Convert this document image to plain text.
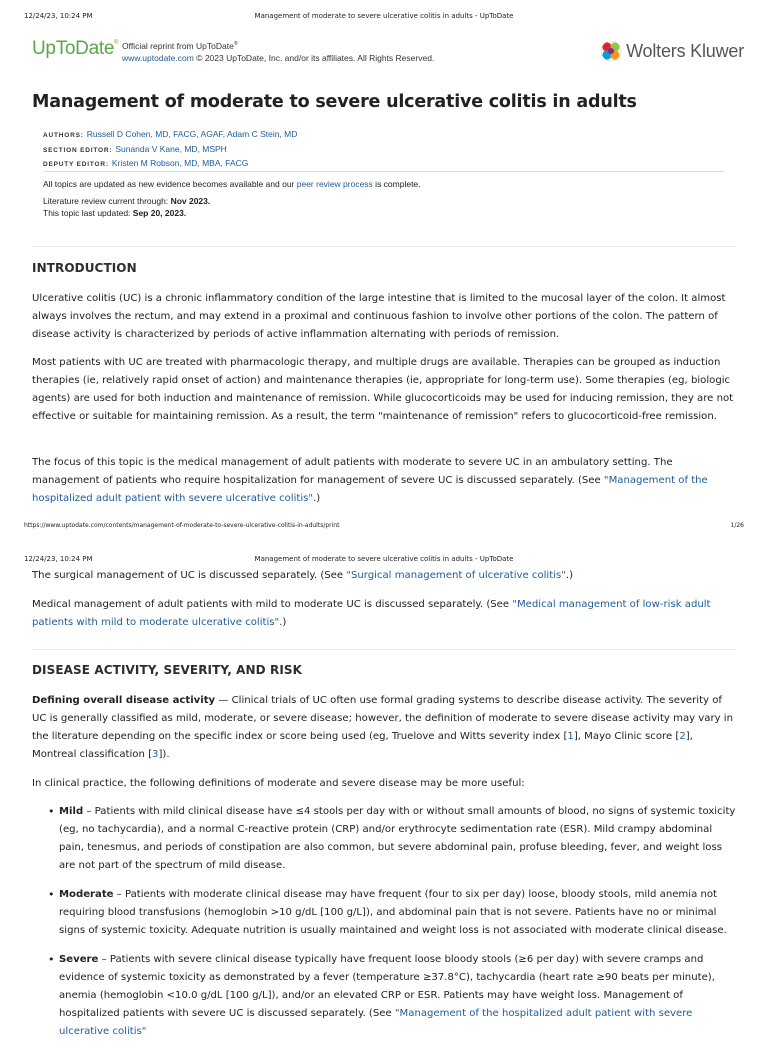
12/24/23, 10:24 PM	Management of moderate to severe ulcerative colitis in adults - UpToDate
UpToDate® Official reprint from UpToDate®
www.uptodate.com © 2023 UpToDate, Inc. and/or its affiliates. All Rights Reserved.	Wolters Kluwer
Management of moderate to severe ulcerative colitis in adults
AUTHORS: Russell D Cohen, MD, FACG, AGAF, Adam C Stein, MD
SECTION EDITOR: Sunanda V Kane, MD, MSPH
DEPUTY EDITOR: Kristen M Robson, MD, MBA, FACG
All topics are updated as new evidence becomes available and our peer review process is complete.
Literature review current through: Nov 2023.
This topic last updated: Sep 20, 2023.
INTRODUCTION

Ulcerative colitis (UC) is a chronic inflammatory condition of the large intestine that is limited to the mucosal layer of the colon. It almost always involves the rectum, and may extend in a proximal and continuous fashion to involve other portions of the colon. The pattern of disease activity is characterized by periods of active inflammation alternating with periods of remission.

Most patients with UC are treated with pharmacologic therapy, and multiple drugs are available. Therapies can be grouped as induction therapies (ie, relatively rapid onset of action) and maintenance therapies (ie, appropriate for long-term use). Some therapies (eg, biologic agents) are used for both induction and maintenance of remission. While glucocorticoids may be used for inducing remission, they are not effective or suitable for maintaining remission. As a result, the term "maintenance of remission" refers to glucocorticoid-free remission.

The focus of this topic is the medical management of adult patients with moderate to severe UC in an ambulatory setting. The management of patients who require hospitalization for management of severe UC is discussed separately. (See "Management of the hospitalized adult patient with severe ulcerative colitis".)

https://www.uptodate.com/contents/management-of-moderate-to-severe-ulcerative-colitis-in-adults/print	1/26
12/24/23, 10:24 PM	Management of moderate to severe ulcerative colitis in adults - UpToDate

The surgical management of UC is discussed separately. (See "Surgical management of ulcerative colitis".)

Medical management of adult patients with mild to moderate UC is discussed separately. (See "Medical management of low-risk adult patients with mild to moderate ulcerative colitis".)

DISEASE ACTIVITY, SEVERITY, AND RISK

Defining overall disease activity — Clinical trials of UC often use formal grading systems to describe disease activity. The severity of UC is generally classified as mild, moderate, or severe disease; however, the definition of moderate to severe disease activity may vary in the literature depending on the specific index or score being used (eg, Truelove and Witts severity index [1], Mayo Clinic score [2], Montreal classification [3]).

In clinical practice, the following definitions of moderate and severe disease may be more useful:

• Mild – Patients with mild clinical disease have ≤4 stools per day with or without small amounts of blood, no signs of systemic toxicity (eg, no tachycardia), and a normal C-reactive protein (CRP) and/or erythrocyte sedimentation rate (ESR). Mild crampy abdominal pain, tenesmus, and periods of constipation are also common, but severe abdominal pain, profuse bleeding, fever, and weight loss are not part of the spectrum of mild disease.
• Moderate – Patients with moderate clinical disease may have frequent (four to six per day) loose, bloody stools, mild anemia not requiring blood transfusions (hemoglobin >10 g/dL [100 g/L]), and abdominal pain that is not severe. Patients have no or minimal signs of systemic toxicity. Adequate nutrition is usually maintained and weight loss is not associated with moderate clinical disease.
• Severe – Patients with severe clinical disease typically have frequent loose bloody stools (≥6 per day) with severe cramps and evidence of systemic toxicity as demonstrated by a fever (temperature ≥37.8°C), tachycardia (heart rate ≥90 beats per minute), anemia (hemoglobin <10.0 g/dL [100 g/L]), and/or an elevated CRP or ESR. Patients may have weight loss. Management of hospitalized patients with severe UC is discussed separately. (See "Management of the hospitalized adult patient with severe ulcerative colitis"
